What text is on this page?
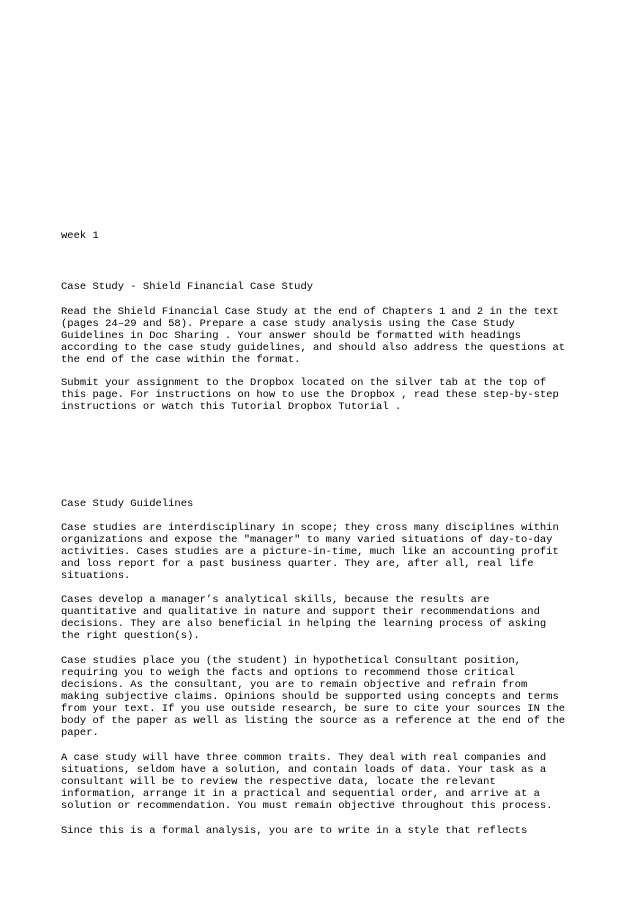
week 1

Case Study - Shield Financial Case Study

Read the Shield Financial Case Study at the end of Chapters 1 and 2 in the text

(pages 24–29 and 58). Prepare a case study analysis using the Case Study

Guidelines in Doc Sharing . Your answer should be formatted with headings

according to the case study guidelines, and should also address the questions at

the end of the case within the format.

Submit your assignment to the Dropbox located on the silver tab at the top of

this page. For instructions on how to use the Dropbox , read these step-by-step

instructions or watch this Tutorial Dropbox Tutorial .

Case Study Guidelines

Case studies are interdisciplinary in scope; they cross many disciplines within

organizations and expose the "manager" to many varied situations of day-to-day

activities. Cases studies are a picture-in-time, much like an accounting profit

and loss report for a past business quarter. They are, after all, real life

situations.

Cases develop a manager’s analytical skills, because the results are

quantitative and qualitative in nature and support their recommendations and

decisions. They are also beneficial in helping the learning process of asking

the right question(s).

Case studies place you (the student) in hypothetical Consultant position,

requiring you to weigh the facts and options to recommend those critical

decisions. As the consultant, you are to remain objective and refrain from

making subjective claims. Opinions should be supported using concepts and terms

from your text. If you use outside research, be sure to cite your sources IN the

body of the paper as well as listing the source as a reference at the end of the

paper.

A case study will have three common traits. They deal with real companies and

situations, seldom have a solution, and contain loads of data. Your task as a

consultant will be to review the respective data, locate the relevant

information, arrange it in a practical and sequential order, and arrive at a

solution or recommendation. You must remain objective throughout this process.

Since this is a formal analysis, you are to write in a style that reflects
